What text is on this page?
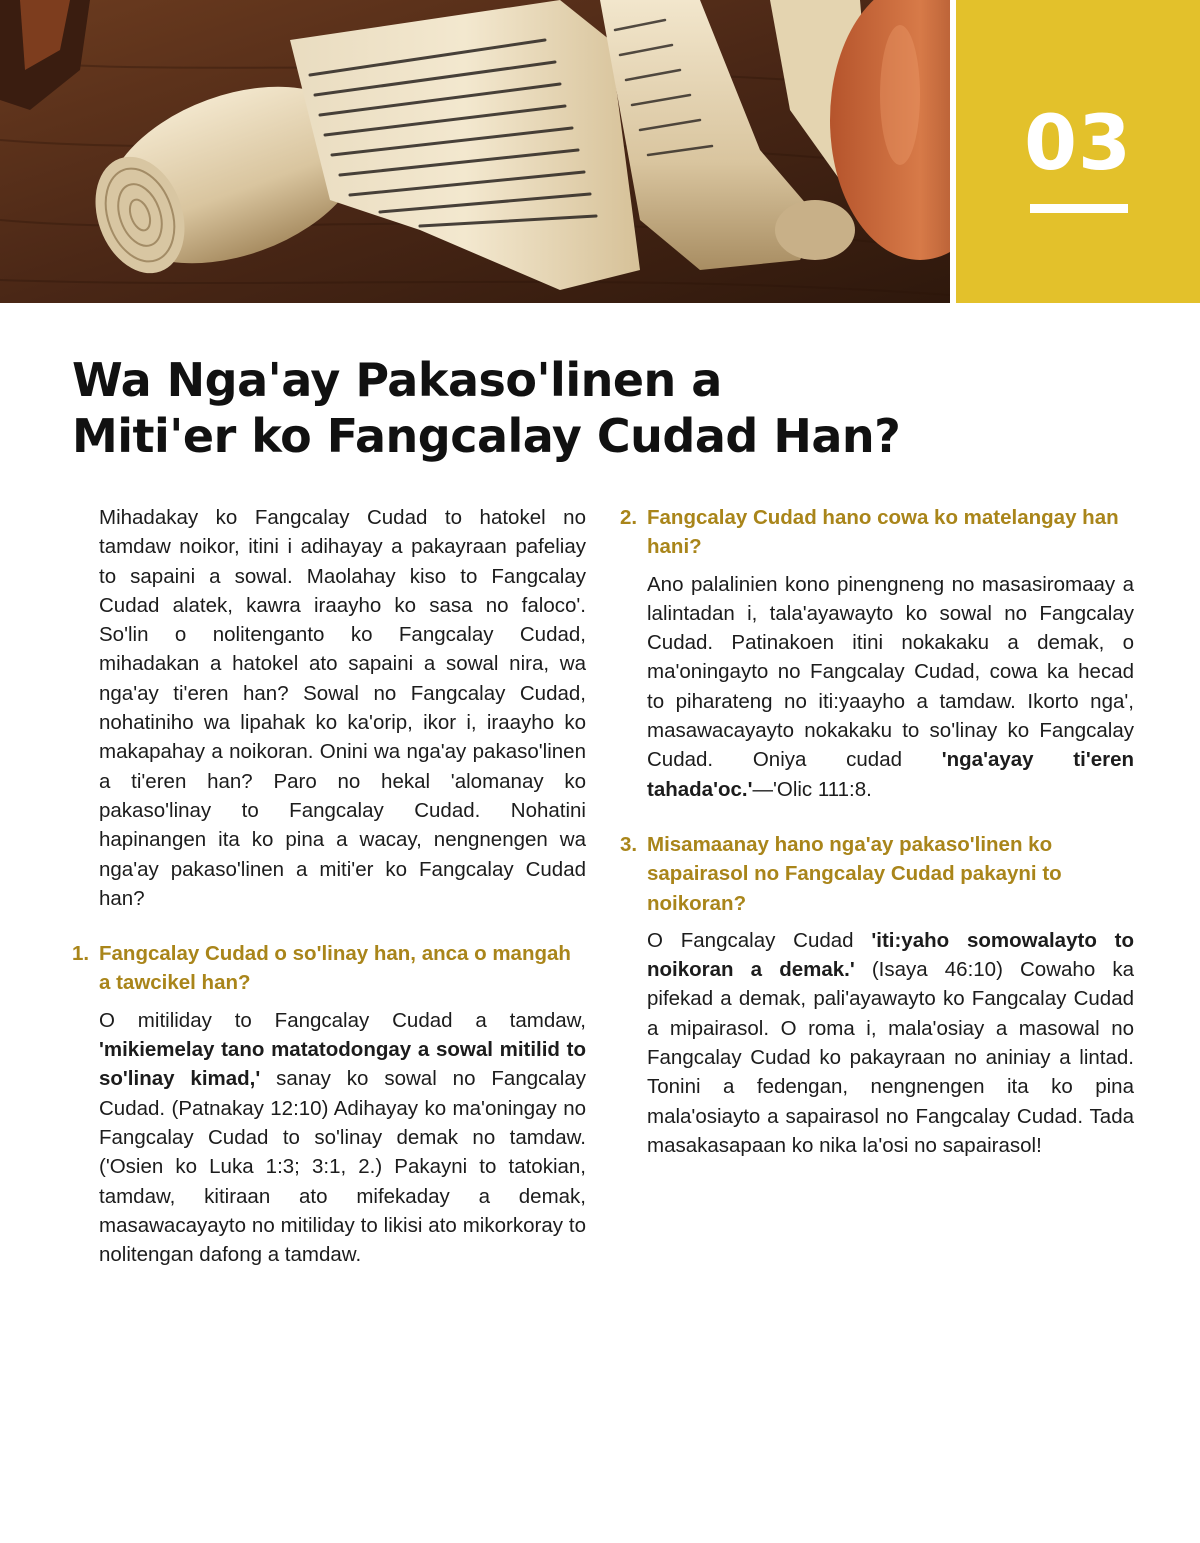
03
Wa Nga'ay Pakaso'linen a
Miti'er ko Fangcalay Cudad Han?

Mihadakay ko Fangcalay Cudad to hatokel no tamdaw noikor, itini i adihayay a pakayraan pafeliay to sapaini a sowal. Maolahay kiso to Fangcalay Cudad alatek, kawra iraayho ko sasa no faloco'. So'lin o nolitenganto ko Fangcalay Cudad, mihadakan a hatokel ato sapaini a sowal nira, wa nga'ay ti'eren han? Sowal no Fangcalay Cudad, nohatiniho wa lipahak ko ka'orip, ikor i, iraayho ko makapahay a noikoran. Onini wa nga'ay pakaso'linen a ti'eren han? Paro no hekal 'alomanay ko pakaso'linay to Fangcalay Cudad. Nohatini hapinangen ita ko pina a wacay, nengnengen wa nga'ay pakaso'linen a miti'er ko Fangcalay Cudad han?

1. Fangcalay Cudad o so'linay han, anca o mangah a tawcikel han?

O mitiliday to Fangcalay Cudad a tamdaw, 'mikiemelay tano matatodongay a sowal mitilid to so'linay kimad,' sanay ko sowal no Fangcalay Cudad. (Patnakay 12:10) Adihayay ko ma'oningay no Fangcalay Cudad to so'linay demak no tamdaw. ('Osien ko Luka 1:3; 3:1, 2.) Pakayni to tatokian, tamdaw, kitiraan ato mifekaday a demak, masawacayayto no mitiliday to likisi ato mikorkoray to nolitengan dafong a tamdaw.

2. Fangcalay Cudad hano cowa ko matelangay han hani?

Ano palalinien kono pinengneng no masasiromaay a lalintadan i, tala'ayawayto ko sowal no Fangcalay Cudad. Patinakoen itini nokakaku a demak, o ma'oningayto no Fangcalay Cudad, cowa ka hecad to piharateng no iti:yaayho a tamdaw. Ikorto nga', masawacayayto nokakaku to so'linay ko Fangcalay Cudad. Oniya cudad 'nga'ayay ti'eren tahada'oc.'—'Olic 111:8.

3. Misamaanay hano nga'ay pakaso'linen ko sapairasol no Fangcalay Cudad pakayni to noikoran?

O Fangcalay Cudad 'iti:yaho somowalayto to noikoran a demak.' (Isaya 46:10) Cowaho ka pifekad a demak, pali'ayawayto ko Fangcalay Cudad a mipairasol. O roma i, mala'osiay a masowal no Fangcalay Cudad ko pakayraan no aniniay a lintad. Tonini a fedengan, nengnengen ita ko pina mala'osiayto a sapairasol no Fangcalay Cudad. Tada masakasapaan ko nika la'osi no sapairasol!
